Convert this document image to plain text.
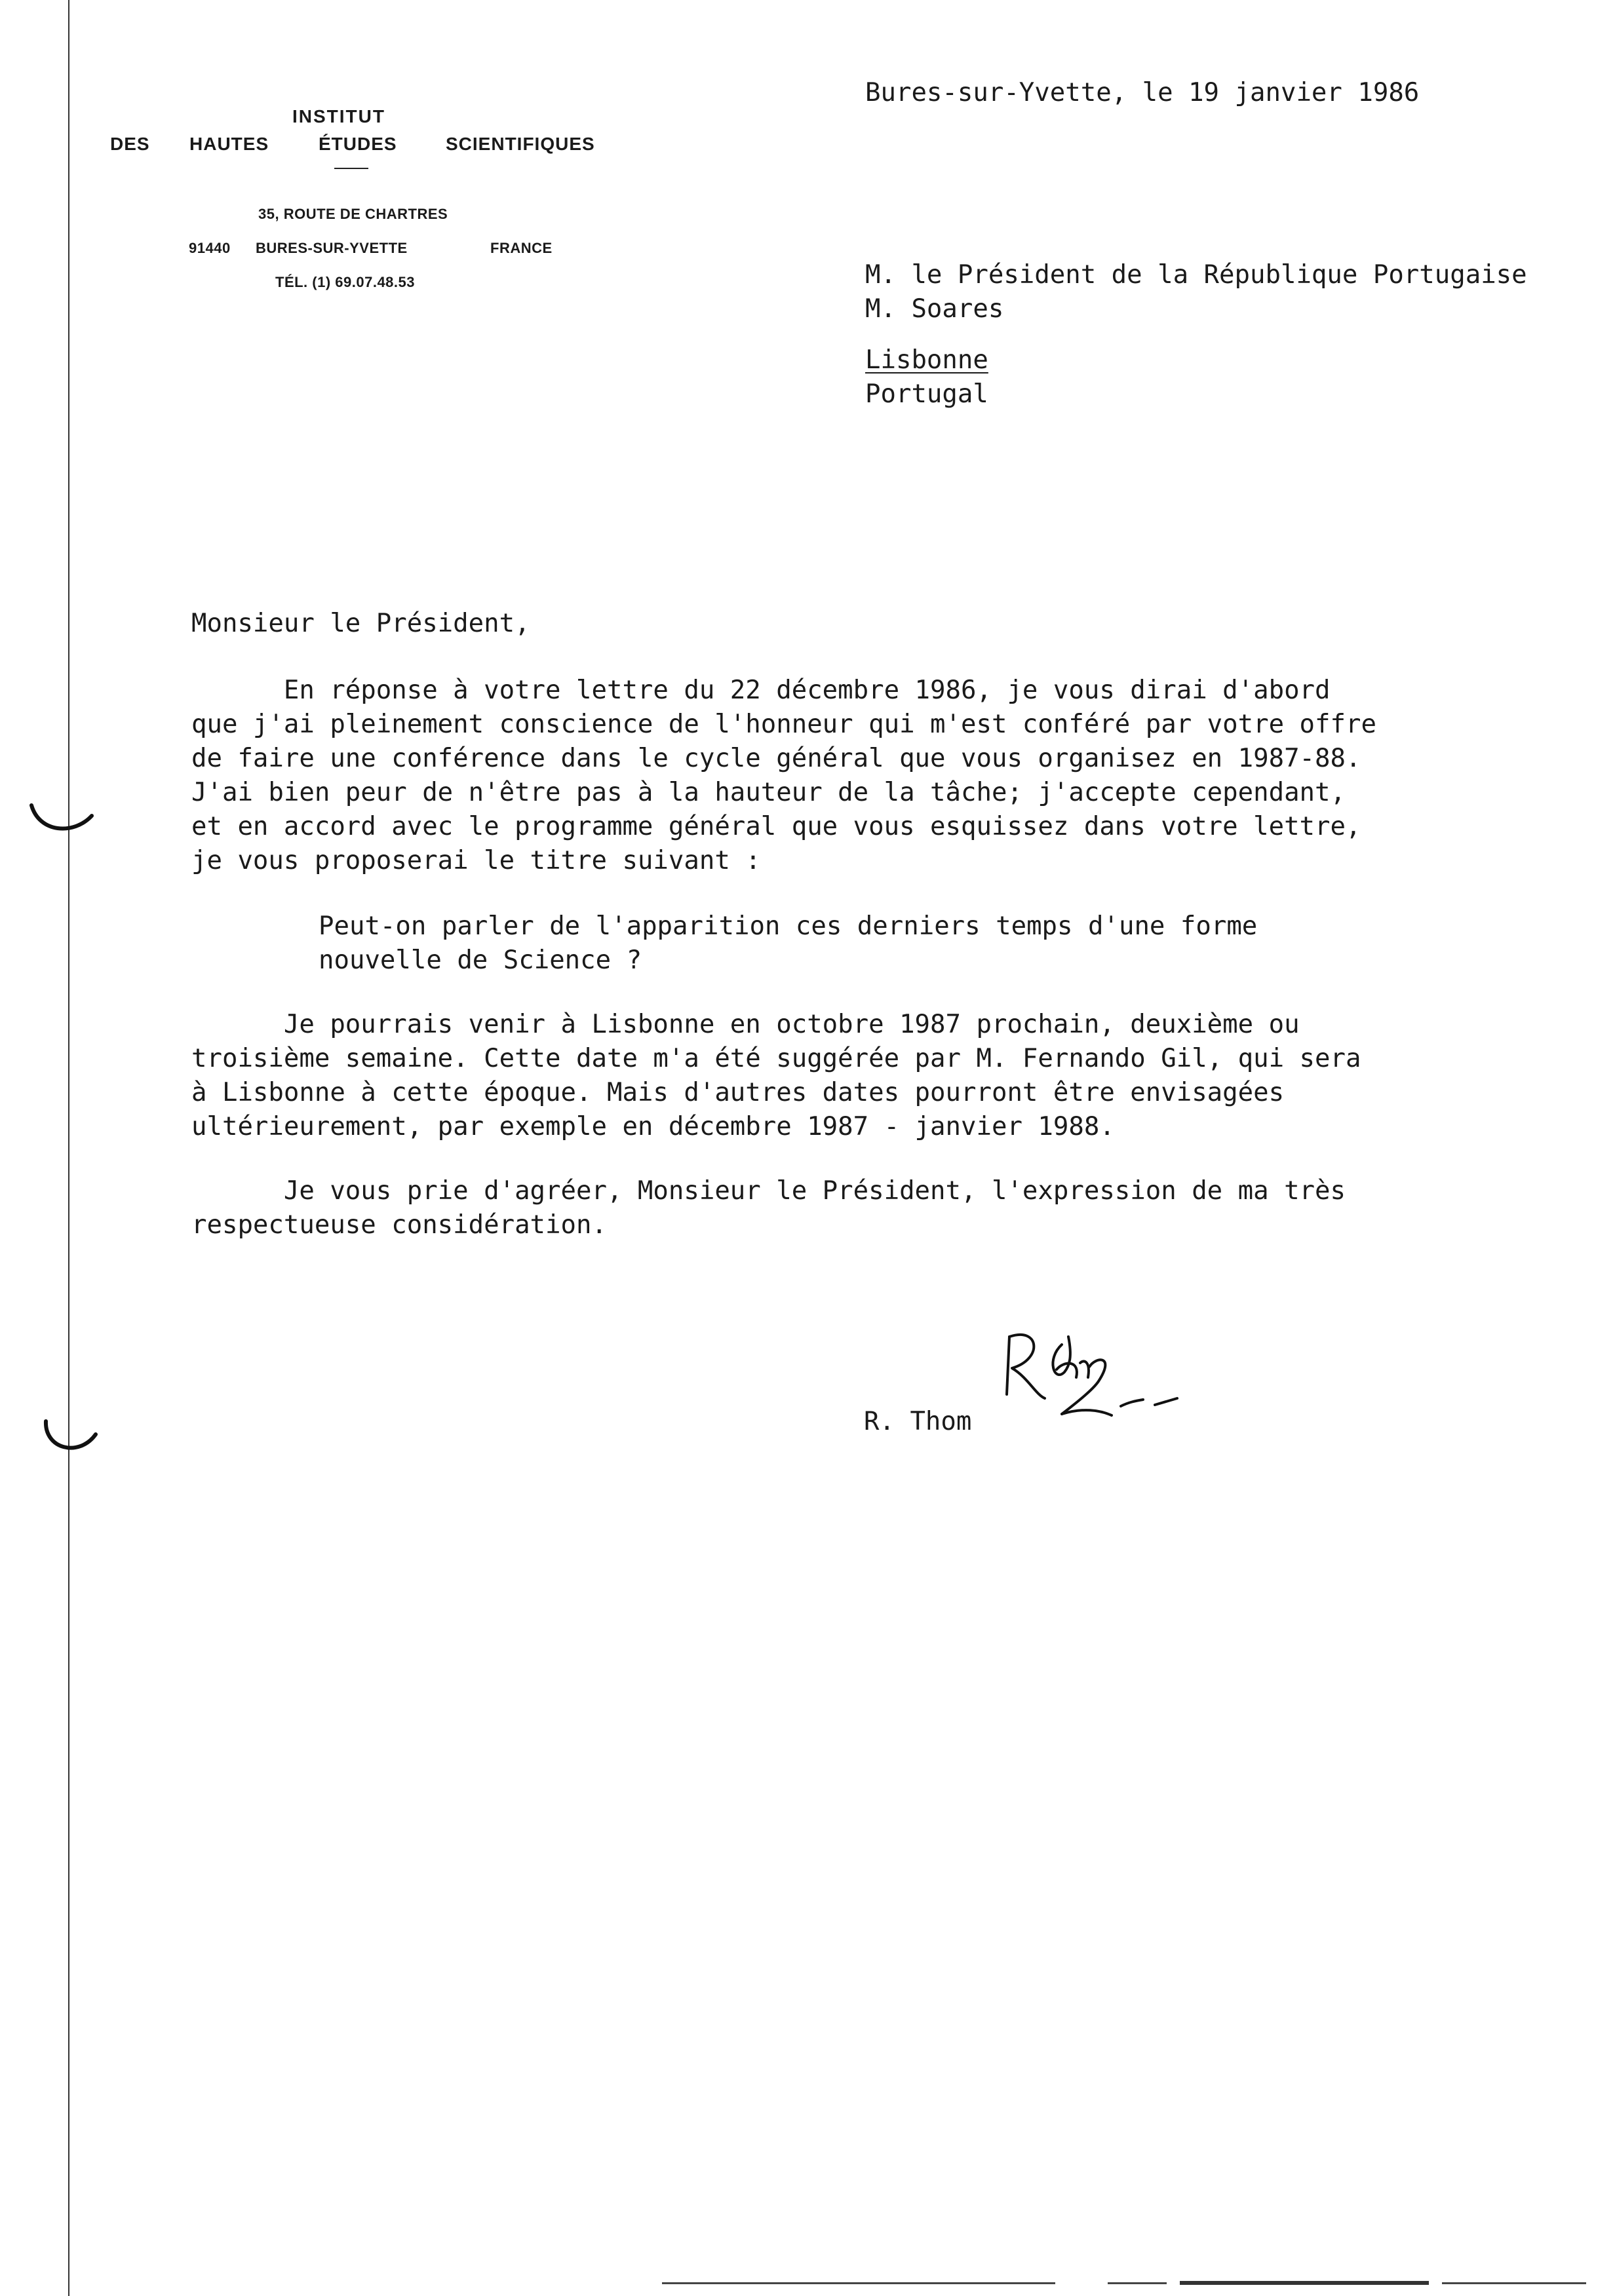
INSTITUT
DES HAUTES	ÉTUDES	SCIENTIFIQUES
35, ROUTE DE CHARTRES
91440 BURES-SUR-YVETTE	FRANCE
TÉL. (1) 69.07.48.53
Bures-sur-Yvette, le 19 janvier 1986
M. le Président de la République Portugaise
M. Soares
Lisbonne
Portugal
Monsieur le Président,
En réponse à votre lettre du 22 décembre 1986, je vous dirai d'abord
que j'ai pleinement conscience de l'honneur qui m'est conféré par votre offre
de faire une conférence dans le cycle général que vous organisez en 1987-88.
J'ai bien peur de n'être pas à la hauteur de la tâche; j'accepte cependant,
et en accord avec le programme général que vous esquissez dans votre lettre,
je vous proposerai le titre suivant :
Peut-on parler de l'apparition ces derniers temps d'une forme
nouvelle de Science ?
Je pourrais venir à Lisbonne en octobre 1987 prochain, deuxième ou
troisième semaine. Cette date m'a été suggérée par M. Fernando Gil, qui sera
à Lisbonne à cette époque. Mais d'autres dates pourront être envisagées
ultérieurement, par exemple en décembre 1987 - janvier 1988.
Je vous prie d'agréer, Monsieur le Président, l'expression de ma très
respectueuse considération.
R. Thom
